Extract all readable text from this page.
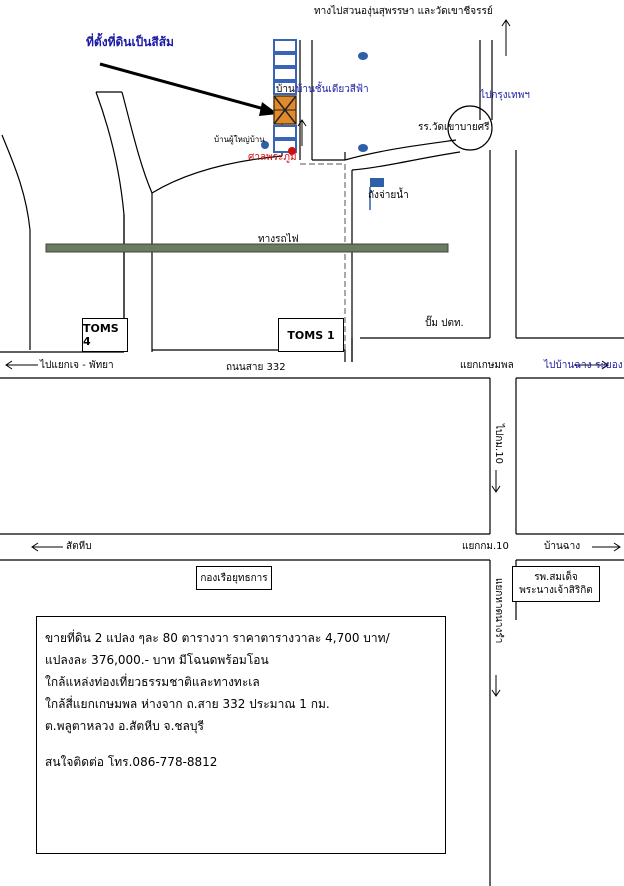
ทางไปสวนองุ่นสุพรรษา และวัดเขาชีจรรย์
ที่ตั้งที่ดินเป็นสีส้ม
บ้าน บ้านชั้นเดียวสีฟ้า
บ้านผู้ใหญ่บ้าน
ศาลพระภูมิ
ไปกรุงเทพฯ
รร.วัดเขาบายศรี
ถังจ่ายน้ำ
ทางรถไฟ
ปั๊ม ปตท.
TOMS 4	TOMS 1
ไปแยกเจ - พัทยา	ถนนสาย 332	แยกเกษมพล	ไปบ้านฉาง-ระยอง
ไปกม.10
สัตหีบ	แยกกม.10	บ้านฉาง
แยกหาดนางรำ
กองเรือยุทธการ	รพ.สมเด็จ
พระนางเจ้าสิริกิต
ขายที่ดิน 2 แปลง ๆละ 80 ตารางวา ราคาตารางวาละ 4,700 บาท/
แปลงละ 376,000.- บาท มีโฉนดพร้อมโอน
ใกล้แหล่งท่องเที่ยวธรรมชาติและทางทะเล
ใกล้สี่แยกเกษมพล ห่างจาก ถ.สาย 332 ประมาณ 1 กม.
ต.พลูตาหลวง อ.สัตหีบ จ.ชลบุรี
สนใจติดต่อ โทร.086-778-8812
